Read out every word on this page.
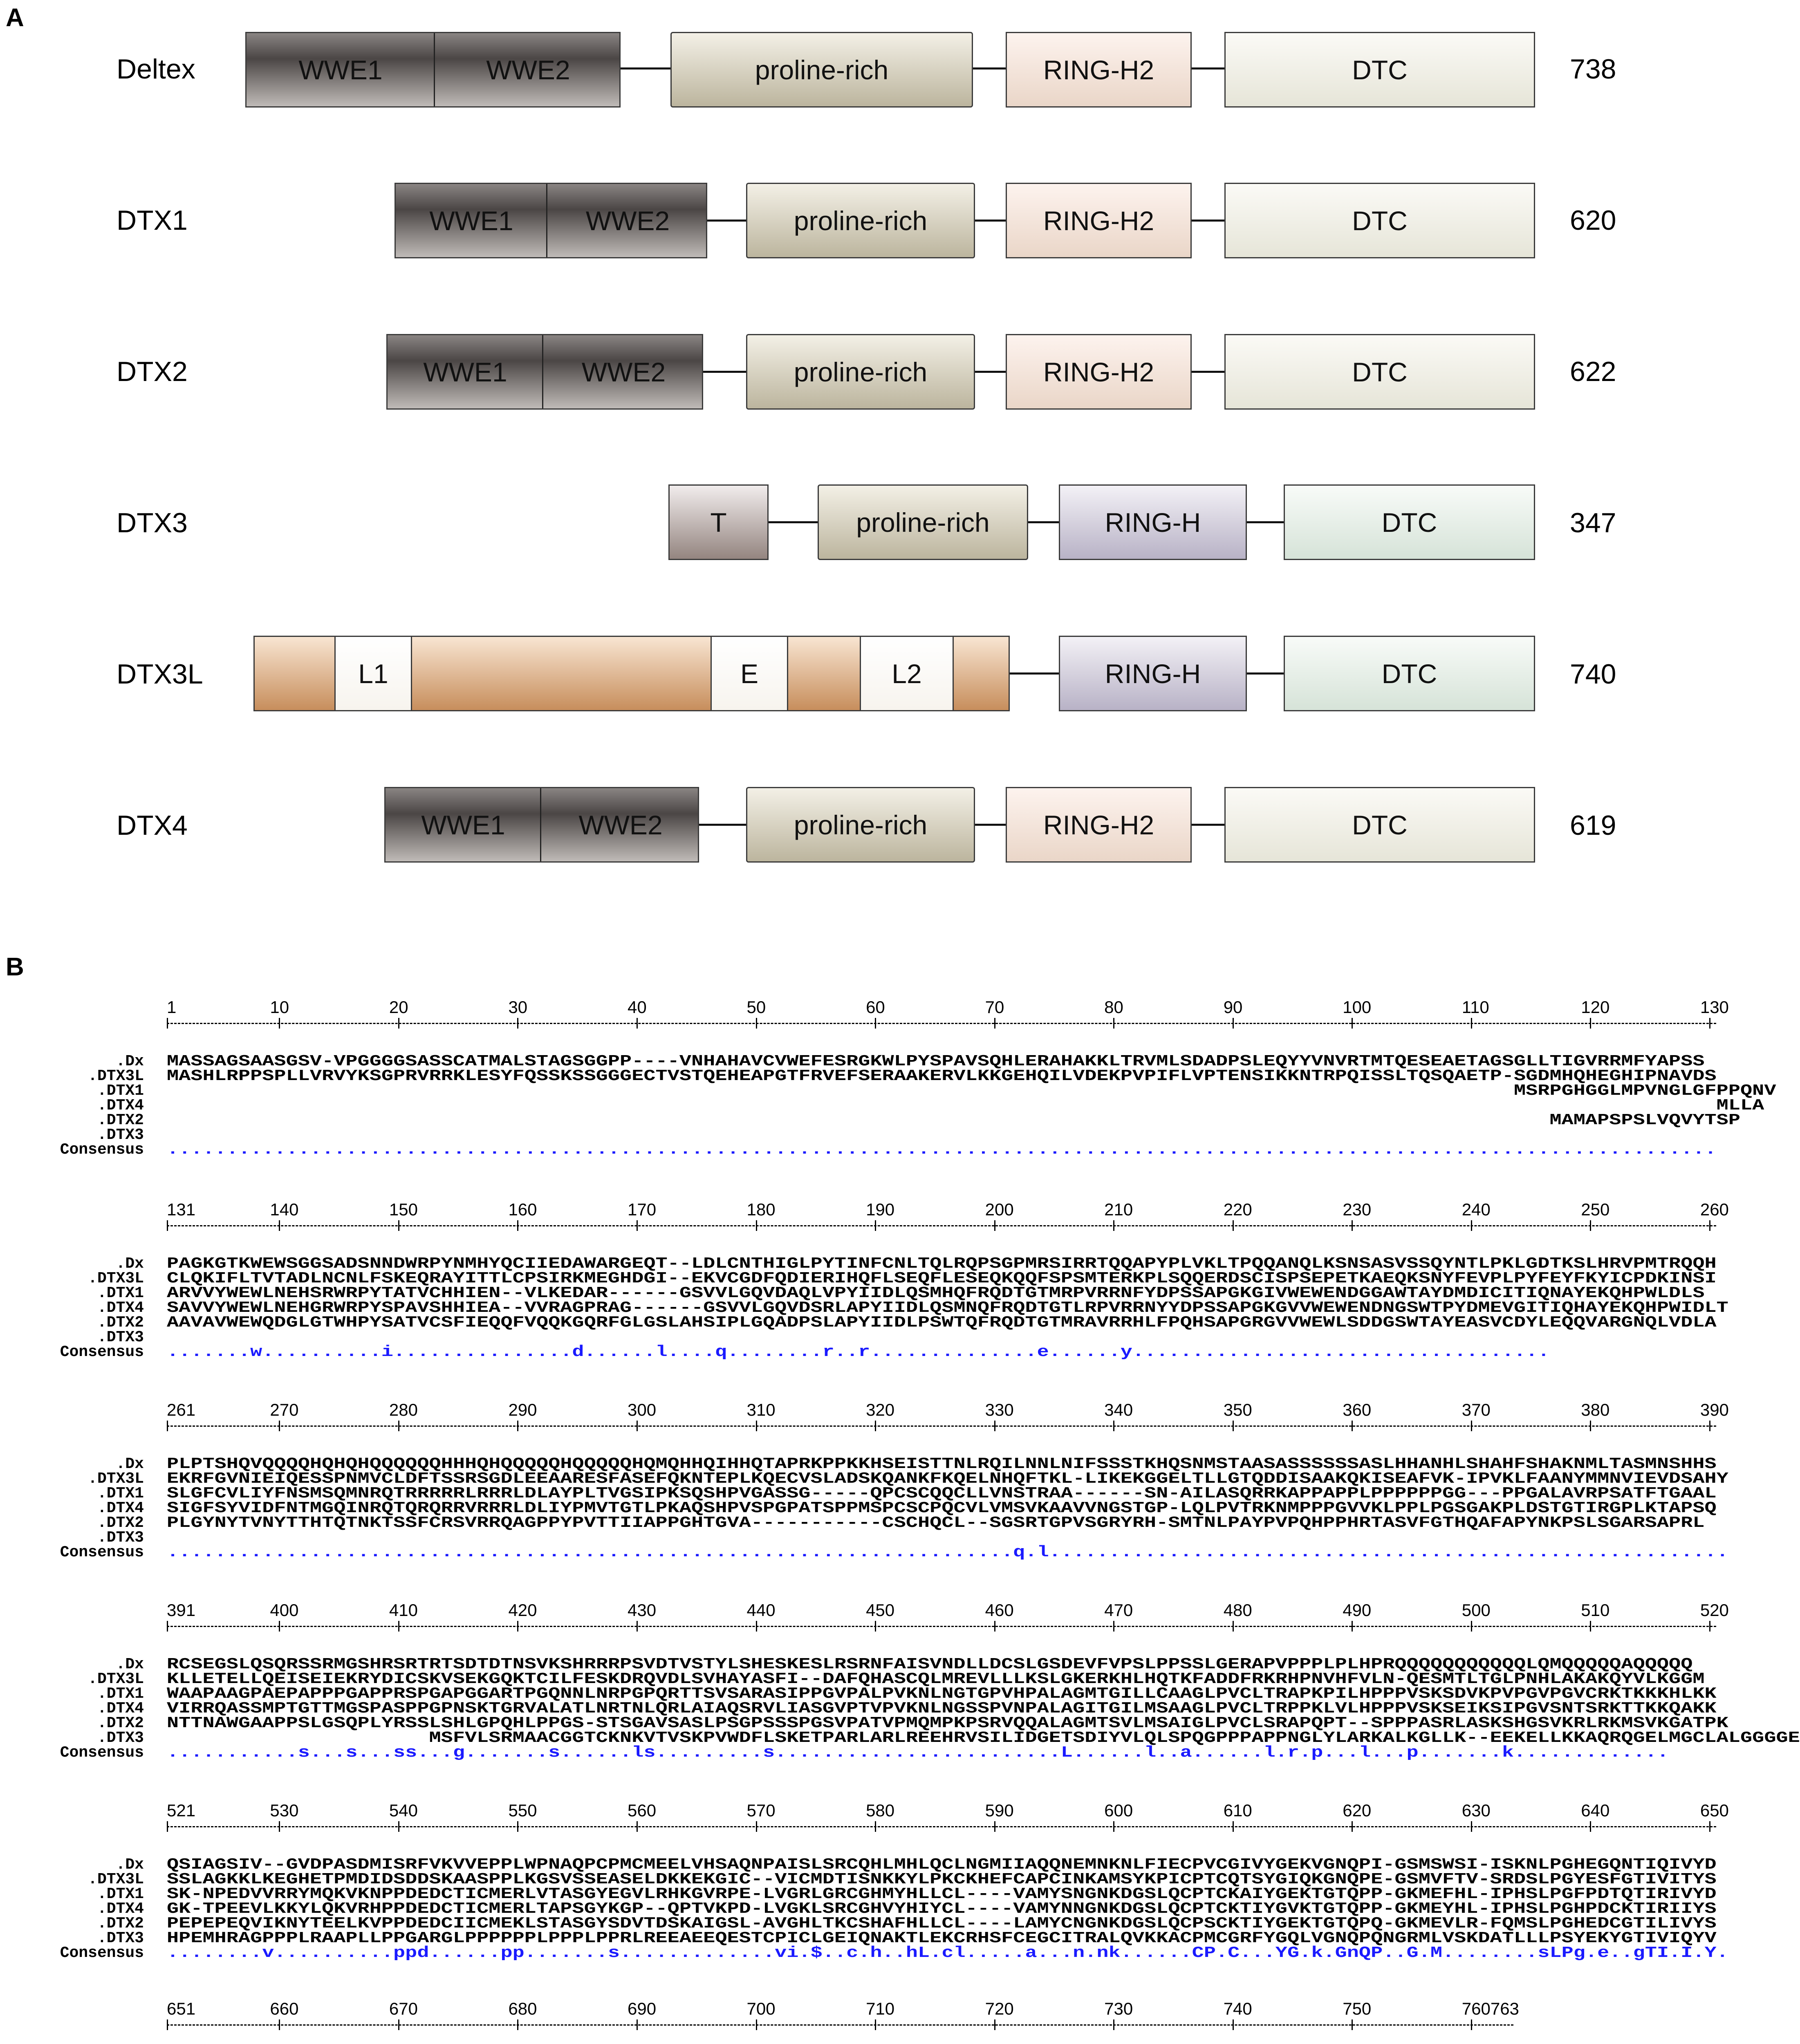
A
Deltex	WWE1	WWE2	proline-rich	RING-H2	DTC	738
DTX1	WWE1	WWE2	proline-rich	RING-H2	DTC	620
DTX2	WWE1	WWE2	proline-rich	RING-H2	DTC	622
DTX3	T	proline-rich	RING-H	DTC	347
DTX3L	L1	E	L2	RING-H	DTC	740
DTX4	WWE1	WWE2	proline-rich	RING-H2	DTC	619
B
1	10	20	30	40	50	60	70	80	90	100	110	120	130
.Dx MASSAGSAASGSV-VPGGGGSASSCATMALSTAGSGGPP----VNHAHAVCVWEFESRGKWLPYSPAVSQHLERAHAKKLTRVMLSDADPSLEQYYVNVRTMTQESEAETAGSGLLTIGVRRMFYAPSS
.DTX3L MASHLRPPSPLLVRVYKSGPRVRRKLESYFQSSKSSGGGECTVSTQEHEAPGTFRVEFSERAAKERVLKKGEHQILVDEKPVPIFLVPTENSIKKNTRPQISSLTQSQAETP-SGDMHQHEGHIPNAVDS
.DTX1 MSRPGHGGLMPVNGLGFPPQNV
.DTX4 MLLA
.DTX2 MAMAPSPSLVQVYTSP
.DTX3
Consensus ..................................................................................................................................
131	140	150	160	170	180	190	200	210	220	230	240	250	260
.Dx PAGKGTKWEWSGGSADSNNDWRPYNMHYQCIIEDAWARGEQT--LDLCNTHIGLPYTINFCNLTQLRQPSGPMRSIRRTQQAPYPLVKLTPQQANQLKSNSASVSSQYNTLPKLGDTKSLHRVPMTRQQH
.DTX3L CLQKIFLTVTADLNCNLFSKEQRAYITTLCPSIRKMEGHDGI--EKVCGDFQDIERIHQFLSEQFLESEQKQQFSPSMTERKPLSQQERDSCISPSEPETKAEQKSNYFEVPLPYFEYFKYICPDKINSI
.DTX1 ARVVYWEWLNEHSRWRPYTATVCHHIEN--VLKEDAR------GSVVLGQVDAQLVPYIIDLQSMHQFRQDTGTMRPVRRNFYDPSSAPGKGIVWEWENDGGAWTAYDMDICITIQNAYEKQHPWLDLS
.DTX4 SAVVYWEWLNEHGRWRPYSPAVSHHIEA--VVRAGPRAG------GSVVLGQVDSRLAPYIIDLQSMNQFRQDTGTLRPVRRNYYDPSSAPGKGVVWEWENDNGSWTPYDMEVGITIQHAYEKQHPWIDLT
.DTX2 AAVAVWEWQDGLGTWHPYSATVCSFIEQQFVQQKGQRFGLGSLAHSIPLGQADPSLAPYIIDLPSWTQFRQDTGTMRAVRRHLFPQHSAPGRGVVWEWLSDDGSWTAYEASVCDYLEQQVARGNQLVDLA
.DTX3
Consensus .......w..........i...............d......l....q........r..r..............e......y...................................
261	270	280	290	300	310	320	330	340	350	360	370	380	390
.Dx PLPTSHQVQQQQHQHQHQQQQQQHHHQHQQQQQHQQQQQHQMQHHQIHHQTAPRKPPKKHSEISTTNLRQILNNLNIFSSSTKHQSNMSTAASASSSSSSASLHHANHLSHAHFSHAKNMLTASMNSHHS
.DTX3L EKRFGVNIEIQESSPNMVCLDFTSSRSGDLEEAARESFASEFQKNTEPLKQECVSLADSKQANKFKQELNHQFTKL-LIKEKGGELTLLGTQDDISAAKQKISEAFVK-IPVKLFAANYMMNVIEVDSAHY
.DTX1 SLGFCVLIYFNSMSQMNRQTRRRRRLRRRLDLAYPLTVGSIPKSQSHPVGASSG-----QPCSCQQCLLVNSTRAA------SN-AILASQRRKAPPAPPLPPPPPPGG---PPGALAVRPSATFTGAAL
.DTX4 SIGFSYVIDFNTMGQINRQTQRQRRVRRRLDLIYPMVTGTLPKAQSHPVSPGPATSPPMSPCSCPQCVLVMSVKAAVVNGSTGP-LQLPVTRKNMPPPGVVKLPPLPGSGAKPLDSTGTIRGPLKTAPSQ
.DTX2 PLGYNYTVNYTTHTQTNKTSSFCRSVRRQAGPPYPVTTIIAPPGHTGVA-----------CSCHQCL--SGSRTGPVSGRYRH-SMTNLPAYPVPQHPPHRTASVFGTHQAFAPYNKPSLSGARSAPRL
.DTX3
Consensus .......................................................................q.l.........................................................
391	400	410	420	430	440	450	460	470	480	490	500	510	520
.Dx RCSEGSLQSQRSSRMGSHRSRTRTSDTDTNSVKSHRRRPSVDTVSTYLSHESKESLRSRNFAISVNDLLDCSLGSDEVFVPSLPPSSLGERAPVPPPLPLHPRQQQQQQQQQQQLQMQQQQQAQQQQQ
.DTX3L KLLETELLQEISEIEKRYDICSKVSEKGQKTCILFESKDRQVDLSVHAYASFI--DAFQHASCQLMREVLLLKSLGKERKHLHQTKFADDFRKRHPNVHFVLN-QESMTLTGLPNHLAKAKQYVLKGGM
.DTX1 WAAPAAGPAEPAPPPGAPPRSPGAPGGARTPGQNNLNRPGPQRTTSVSARASIPPGVPALPVKNLNGTGPVHPALAGMTGILLCAAGLPVCLTRAPKPILHPPPVSKSDVKPVPGVPGVCRKTKKKHLKK
.DTX4 VIRRQASSMPTGTTMGSPASPPGPNSKTGRVALATLNRTNLQRLAIAQSRVLIASGVPTVPVKNLNGSSPVNPALAGITGILMSAAGLPVCLTRPPKLVLHPPPVSKSEIKSIPGVSNTSRKTTKKQAKK
.DTX2 NTTNAWGAAPPSLGSQPLYRSSLSHLGPQHLPPGS-STSGAVSASLPSGPSSSPGSVPATVPMQMPKPSRVQQALAGMTSVLMSAIGLPVCLSRAPQPT--SPPPASRLASKSHGSVKRLRKMSVKGATPK
.DTX3 MSFVLSRMAACGGTCKNKVTVSKPVWDFLSKETPARLARLREEHRVSILIDGETSDIYVLQLSPQGPPPAPPNGLYLARKALKGLLK--EEKELLKKAQRQGELMGCLALGGGGE
Consensus ...........s...s...ss...g.......s......ls.........s........................L......l..a......l.r.p...l...p.......k.............
521	530	540	550	560	570	580	590	600	610	620	630	640	650
.Dx QSIAGSIV--GVDPASDMISRFVKVVEPPLWPNAQPCPMCMEELVHSAQNPAISLSRCQHLMHLQCLNGMIIAQQNEMNKNLFIECPVCGIVYGEKVGNQPI-GSMSWSI-ISKNLPGHEGQNTIQIVYD
.DTX3L SSLAGKKLKEGHETPMDIDSDDSKAASPPLKGSVSSEASELDKKEKGIC--VICMDTISNKKYLPKCKHEFCAPCINKAMSYKPICPTCQTSYGIQKGNQPE-GSMVFTV-SRDSLPGYESFGTIVITYS
.DTX1 SK-NPEDVVRRYMQKVKNPPDEDCTICMERLVTASGYEGVLRHKGVRPE-LVGRLGRCGHMYHLLCL----VAMYSNGNKDGSLQCPTCKAIYGEKTGTQPP-GKMEFHL-IPHSLPGFPDTQTIRIVYD
.DTX4 GK-TPEEVLKKYLQKVRHPPDEDCTICMERLTAPSGYKGP--QPTVKPD-LVGKLSRCGHVYHIYCL----VAMYNNGNKDGSLQCPTCKTIYGVKTGTQPP-GKMEYHL-IPHSLPGHPDCKTIRIIYS
.DTX2 PEPEPEQVIKNYTEELKVPPDEDCIICMEKLSTASGYSDVTDSKAIGSL-AVGHLTKCSHAFHLLCL----LAMYCNGNKDGSLQCPSCKTIYGEKTGTQPQ-GKMEVLR-FQMSLPGHEDCGTILIVYS
.DTX3 HPEMHRAGPPPLRAAPLLPPGARGLPPPPPPLPPPLPPRLREEAEEQESTCPICLGEIQNAKTLEKCRHSFCEGCITRALQVKKACPMCGRFYGQLVGNQPQNGRMLVSKDATLLLPSYEKYGTIVIQYV
Consensus ........v..........ppd......pp.......s.............vi.$..c.h..hL.cl.....a...n.nk......CP.C...YG.k.GnQP..G.M........sLPg.e..gTI.I.Y.
651	660	670	680	690	700	710	720	730	740	750	760763
